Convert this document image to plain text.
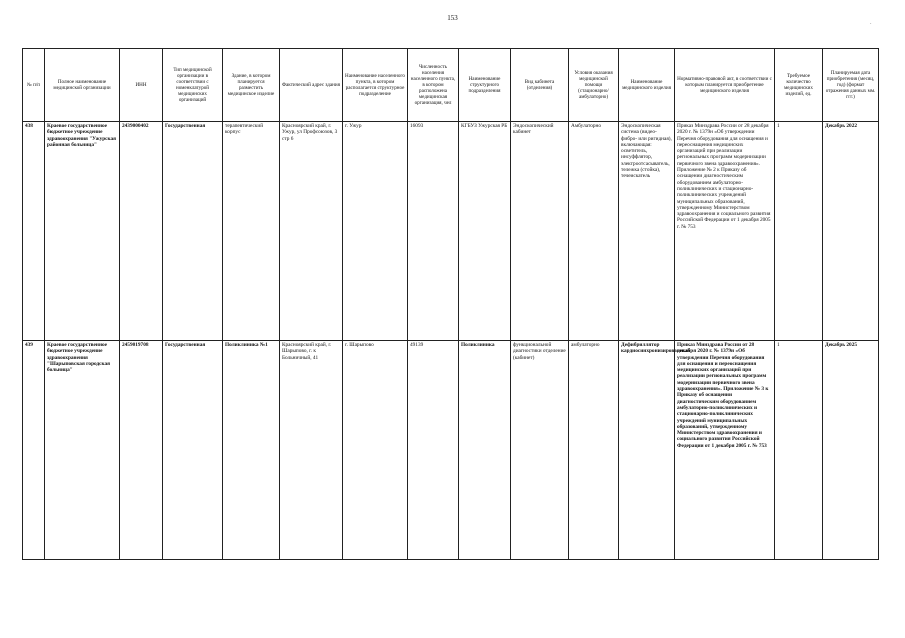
153
·
№ п/п	Полное наименование медицинской организации	ИНН	Тип медицинской организации в соответствии с номенклатурой медицинских организаций	Здание, в котором планируется разместить медицинское изделие	Фактический адрес здания	Наименование населенного пункта, в котором располагается структурное подразделение	Численность населения населенного пункта, в котором расположена медицинская организация, чел	Наименование структурного подразделения	Вид кабинета (отделения)	Условия оказания медицинской помощи (стационарно/амбулаторно)	Наименование медицинского изделия	Нормативно-правовой акт, в соответствии с которым планируется приобретение медицинского изделия	Требуемое количество медицинских изделий, ед.	Планируемая дата приобретения (месяц, год) (формат отражения данных мм. ггг.)
438	Краевое государственное бюджетное учреждение здравоохранения "Ужурская районная больница"	2439000402	Государственная	терапевтический корпус	Красноярский край, г. Ужур, ул Профсоюзов, 3 стр 6	г. Ужур	16093	КГБУЗ Ужурская РБ	Эндоскопический кабинет	Амбулаторно	Эндоскопическая система (видео-фибро- или ригидная), включающая: осветитель, инсуффлятор, электроотсасыватель, тележка (стойка), течеискатель	Приказ Минздрава России от 28 декабря 2020 г. № 1379н «Об утверждении Перечня оборудования для оснащения и переоснащения медицинских организаций при реализации региональных программ модернизации первичного звена здравоохранения». Приложение № 2 к Приказу об оснащении диагностическим оборудованием амбулаторно-поликлинических и стационарно-поликлинических учреждений муниципальных образований, утвержденному Министерством здравоохранения и социального развития Российской Федерации от 1 декабря 2005 г. № 753	1	Декабрь 2022
439	Краевое государственное бюджетное учреждение здравоохранения "Шарыповская городская больница"	2459019708	Государственная	Поликлиника №1	Красноярский край, г. Шарыпово, г. к Больничный, 41	г. Шарыпово	49139	Поликлиника	функциональной диагностики отделение (кабинет)	амбулаторно	Дефибриллятор кардиосинхронизированный	Приказ Минздрава России от 28 декабря 2020 г. № 1379н «Об утверждении Перечня оборудования для оснащения и переоснащения медицинских организаций при реализации региональных программ модернизации первичного звена здравоохранения». Приложение № 3 к Приказу об оснащении диагностическим оборудованием амбулаторно-поликлинических и стационарно-поликлинических учреждений муниципальных образований, утвержденному Министерством здравоохранения и социального развития Российской Федерации от 1 декабря 2005 г. № 753	1	Декабрь 2025
